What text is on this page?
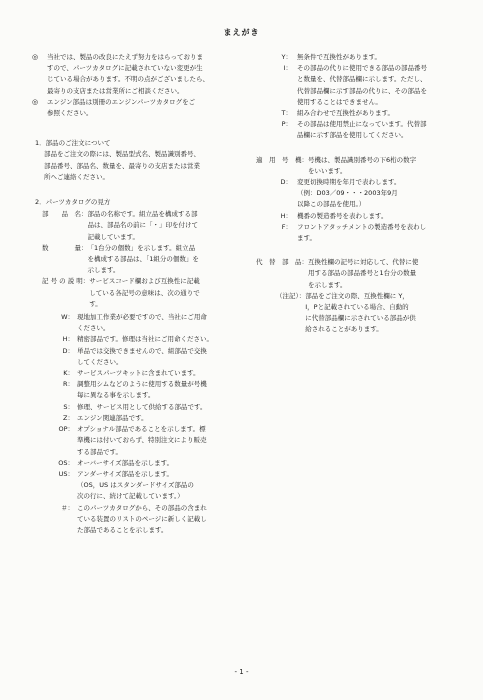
まえがき
◎ 当社では、製品の改良にたえず努力をはらっておりま
すので、パーツカタログに記載されていない変更が生
じている場合があります。不明の点がございましたら、
最寄りの支店または営業所にご相談ください。
◎ エンジン部品は別冊のエンジンパーツカタログをご
参照ください。
1．部品のご注文について
部品をご注文の際には、製品型式名、製品識別番号、
部品番号、部品名、数量を、最寄りの支店または営業
所へご連絡ください。
2．パーツカタログの見方
部　　品　名： 部品の名称です。組立品を構成する部
品は、部品名の前に「・」印を付けて
記載しています。
数　　　　量： 「1台分の個数」を示します。組立品
を構成する部品は、「1組分の個数」を
示します。
記 号 の 説 明： サービスコード欄および互換性に記載
している各記号の意味は、次の通りで
す。
W： 現地加工作業が必要ですので、当社にご用命
ください。
H： 精密部品です。修理は当社にご用命ください。
D： 単品では交換できませんので、組部品で交換
してください。
K： サービスパーツキットに含まれています。
R： 調整用シムなどのように使用する数量が号機
毎に異なる事を示します。
S： 修理、サービス用として供給する部品です。
Z： エンジン関連部品です。
OP： オプショナル部品であることを示します。標
準機には付いておらず、特別注文により販売
する部品です。
OS： オーバーサイズ部品を示します。
US： アンダーサイズ部品を示します。
（OS，US はスタンダードサイズ部品の
次の行に、続けて記載しています。）
＃： このパーツカタログから、その部品の含まれ
ている装置のリストのページに新しく記載し
た部品であることを示します。
Y： 無条件で互換性があります。
I： その部品の代りに使用できる部品の部品番号
と数量を、代替部品欄に示します。ただし、
代替部品欄に示す部品の代りに、その部品を
使用することはできません。
T： 組み合わせで互換性があります。
P： その部品は使用禁止になっています。代替部
品欄に示す部品を使用してください。
適　用　号　機： 号機は、製品識別番号の下6桁の数字
をいいます。
D： 変更切換時期を年月で表わします。
（例：D03／09・・・2003年9月
以降この部品を使用。）
H： 機番の製造番号を表わします。
F： フロントアタッチメントの製造番号を表わし
ます。
代　替　部　品： 互換性欄の記号に対応して、代替に使
用する部品の部品番号と1台分の数量
を示します。
（注記）： 部品をご注文の際、互換性欄に Y，
I，Pと記載されている場合、自動的
に代替部品欄に示されている部品が供
給されることがあります。
- 1 -
